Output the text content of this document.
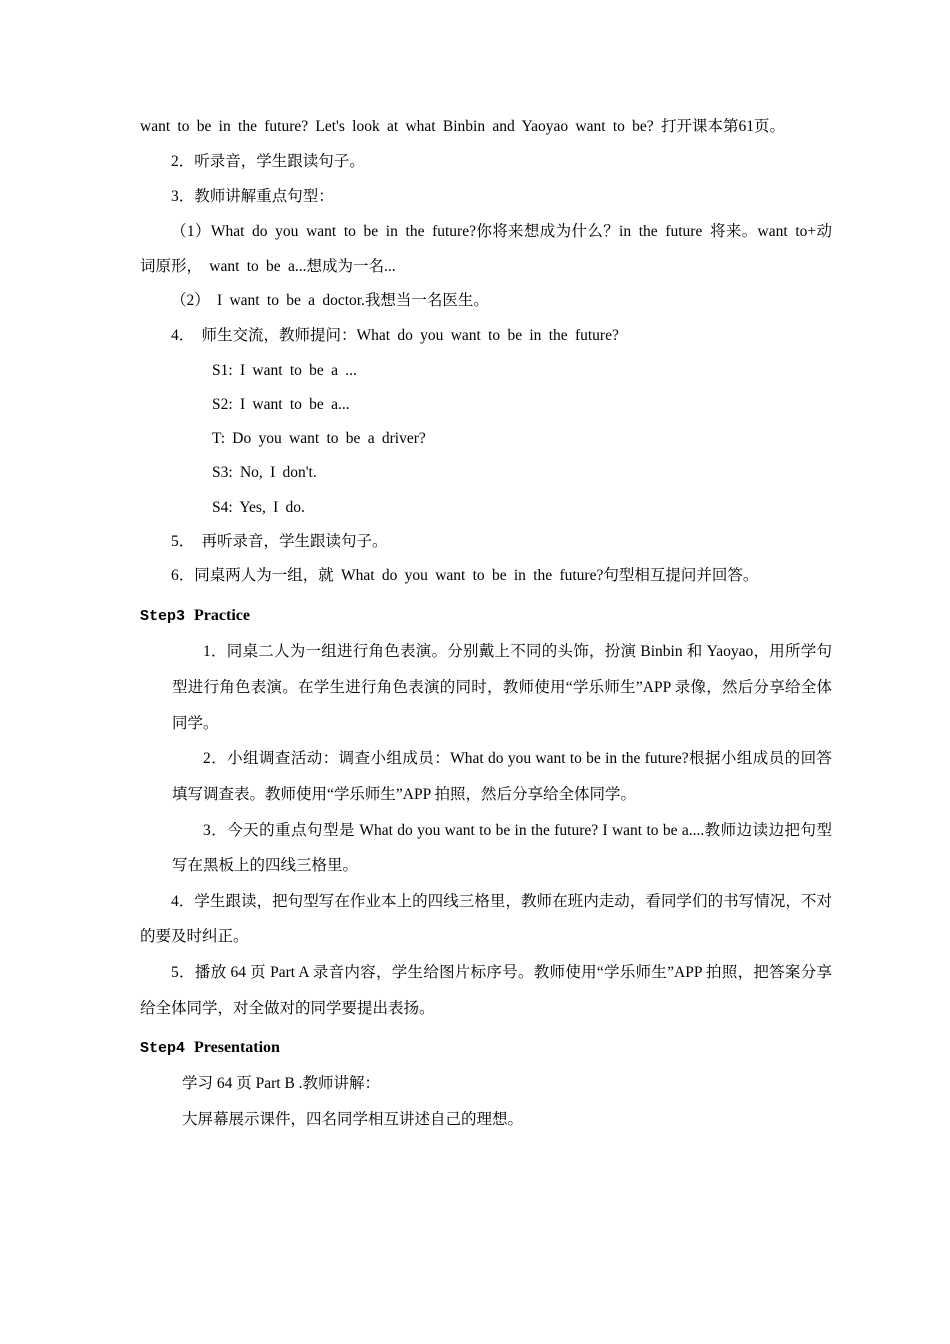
want to be in the future? Let's look at what Binbin and Yaoyao want to be? 打开课本第61页。

2．听录音，学生跟读句子。

3．教师讲解重点句型：

（1）What do you want to be in the future?你将来想成为什么？in the future 将来。want to+动词原形， want to be a...想成为一名...

（2） I want to be a doctor.我想当一名医生。

4． 师生交流，教师提问：What do you want to be in the future?

S1: I want to be a ...

S2: I want to be a...

T: Do you want to be a driver?

S3: No, I don't.

S4: Yes, I do.

5． 再听录音，学生跟读句子。

6．同桌两人为一组，就 What do you want to be in the future?句型相互提问并回答。

Step3 Practice

1．同桌二人为一组进行角色表演。分别戴上不同的头饰，扮演 Binbin 和 Yaoyao，用所学句型进行角色表演。在学生进行角色表演的同时，教师使用“学乐师生”APP 录像，然后分享给全体同学。

2．小组调查活动：调查小组成员：What do you want to be in the future?根据小组成员的回答填写调查表。教师使用“学乐师生”APP 拍照，然后分享给全体同学。

3．今天的重点句型是 What do you want to be in the future? I want to be a....教师边读边把句型写在黑板上的四线三格里。

4．学生跟读，把句型写在作业本上的四线三格里，教师在班内走动，看同学们的书写情况，不对的要及时纠正。

5．播放 64 页 Part A 录音内容，学生给图片标序号。教师使用“学乐师生”APP 拍照，把答案分享给全体同学，对全做对的同学要提出表扬。

Step4 Presentation

学习 64 页 Part B .教师讲解：

大屏幕展示课件，四名同学相互讲述自己的理想。
